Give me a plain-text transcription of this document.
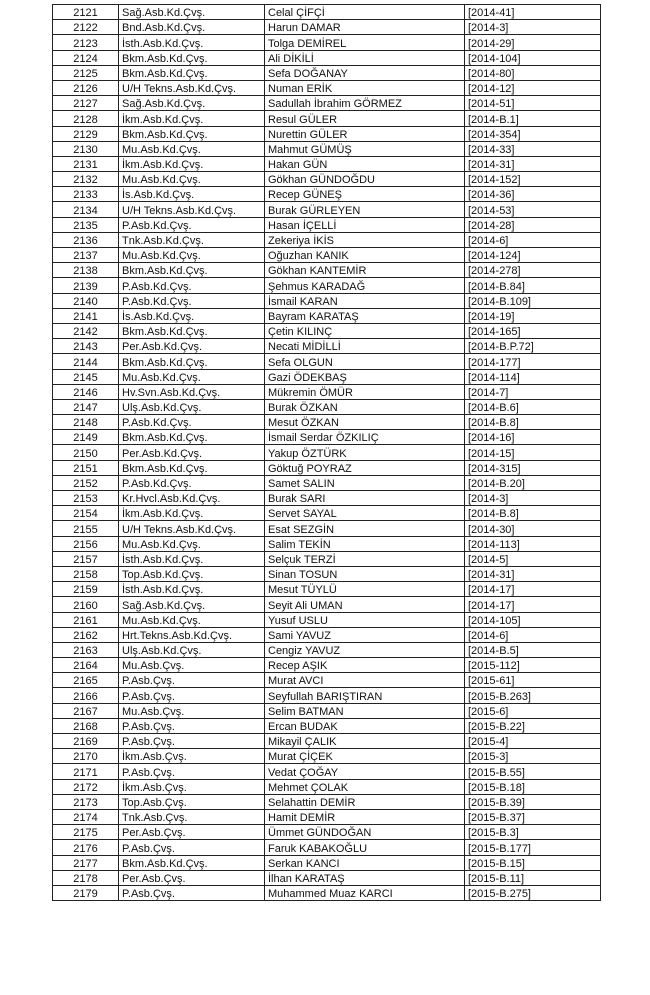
2121	Sağ.Asb.Kd.Çvş.	Celal ÇİFÇİ	[2014-41]
2122	Bnd.Asb.Kd.Çvş.	Harun DAMAR	[2014-3]
2123	İsth.Asb.Kd.Çvş.	Tolga DEMİREL	[2014-29]
2124	Bkm.Asb.Kd.Çvş.	Ali DİKİLİ	[2014-104]
2125	Bkm.Asb.Kd.Çvş.	Sefa DOĞANAY	[2014-80]
2126	U/H Tekns.Asb.Kd.Çvş.	Numan ERİK	[2014-12]
2127	Sağ.Asb.Kd.Çvş.	Sadullah İbrahim GÖRMEZ	[2014-51]
2128	İkm.Asb.Kd.Çvş.	Resul GÜLER	[2014-B.1]
2129	Bkm.Asb.Kd.Çvş.	Nurettin GÜLER	[2014-354]
2130	Mu.Asb.Kd.Çvş.	Mahmut GÜMÜŞ	[2014-33]
2131	İkm.Asb.Kd.Çvş.	Hakan GÜN	[2014-31]
2132	Mu.Asb.Kd.Çvş.	Gökhan GÜNDOĞDU	[2014-152]
2133	İs.Asb.Kd.Çvş.	Recep GÜNEŞ	[2014-36]
2134	U/H Tekns.Asb.Kd.Çvş.	Burak GÜRLEYEN	[2014-53]
2135	P.Asb.Kd.Çvş.	Hasan İÇELLİ	[2014-28]
2136	Tnk.Asb.Kd.Çvş.	Zekeriya İKİS	[2014-6]
2137	Mu.Asb.Kd.Çvş.	Oğuzhan KANIK	[2014-124]
2138	Bkm.Asb.Kd.Çvş.	Gökhan KANTEMİR	[2014-278]
2139	P.Asb.Kd.Çvş.	Şehmus KARADAĞ	[2014-B.84]
2140	P.Asb.Kd.Çvş.	İsmail KARAN	[2014-B.109]
2141	İs.Asb.Kd.Çvş.	Bayram KARATAŞ	[2014-19]
2142	Bkm.Asb.Kd.Çvş.	Çetin KILINÇ	[2014-165]
2143	Per.Asb.Kd.Çvş.	Necati MİDİLLİ	[2014-B.P.72]
2144	Bkm.Asb.Kd.Çvş.	Sefa OLGUN	[2014-177]
2145	Mu.Asb.Kd.Çvş.	Gazi ÖDEKBAŞ	[2014-114]
2146	Hv.Svn.Asb.Kd.Çvş.	Mükremin ÖMÜR	[2014-7]
2147	Ulş.Asb.Kd.Çvş.	Burak ÖZKAN	[2014-B.6]
2148	P.Asb.Kd.Çvş.	Mesut ÖZKAN	[2014-B.8]
2149	Bkm.Asb.Kd.Çvş.	İsmail Serdar ÖZKILIÇ	[2014-16]
2150	Per.Asb.Kd.Çvş.	Yakup ÖZTÜRK	[2014-15]
2151	Bkm.Asb.Kd.Çvş.	Göktuğ POYRAZ	[2014-315]
2152	P.Asb.Kd.Çvş.	Samet SALIN	[2014-B.20]
2153	Kr.Hvcl.Asb.Kd.Çvş.	Burak SARI	[2014-3]
2154	İkm.Asb.Kd.Çvş.	Servet SAYAL	[2014-B.8]
2155	U/H Tekns.Asb.Kd.Çvş.	Esat SEZGİN	[2014-30]
2156	Mu.Asb.Kd.Çvş.	Salim TEKİN	[2014-113]
2157	İsth.Asb.Kd.Çvş.	Selçuk TERZİ	[2014-5]
2158	Top.Asb.Kd.Çvş.	Sinan TOSUN	[2014-31]
2159	İsth.Asb.Kd.Çvş.	Mesut TÜYLÜ	[2014-17]
2160	Sağ.Asb.Kd.Çvş.	Seyit Ali UMAN	[2014-17]
2161	Mu.Asb.Kd.Çvş.	Yusuf USLU	[2014-105]
2162	Hrt.Tekns.Asb.Kd.Çvş.	Sami YAVUZ	[2014-6]
2163	Ulş.Asb.Kd.Çvş.	Cengiz YAVUZ	[2014-B.5]
2164	Mu.Asb.Çvş.	Recep AŞIK	[2015-112]
2165	P.Asb.Çvş.	Murat AVCI	[2015-61]
2166	P.Asb.Çvş.	Seyfullah BARIŞTIRAN	[2015-B.263]
2167	Mu.Asb.Çvş.	Selim BATMAN	[2015-6]
2168	P.Asb.Çvş.	Ercan BUDAK	[2015-B.22]
2169	P.Asb.Çvş.	Mikayil ÇALIK	[2015-4]
2170	İkm.Asb.Çvş.	Murat ÇİÇEK	[2015-3]
2171	P.Asb.Çvş.	Vedat ÇOĞAY	[2015-B.55]
2172	İkm.Asb.Çvş.	Mehmet ÇOLAK	[2015-B.18]
2173	Top.Asb.Çvş.	Selahattin DEMİR	[2015-B.39]
2174	Tnk.Asb.Çvş.	Hamit DEMİR	[2015-B.37]
2175	Per.Asb.Çvş.	Ümmet GÜNDOĞAN	[2015-B.3]
2176	P.Asb.Çvş.	Faruk KABAKOĞLU	[2015-B.177]
2177	Bkm.Asb.Kd.Çvş.	Serkan KANCI	[2015-B.15]
2178	Per.Asb.Çvş.	İlhan KARATAŞ	[2015-B.11]
2179	P.Asb.Çvş.	Muhammed Muaz KARCI	[2015-B.275]
